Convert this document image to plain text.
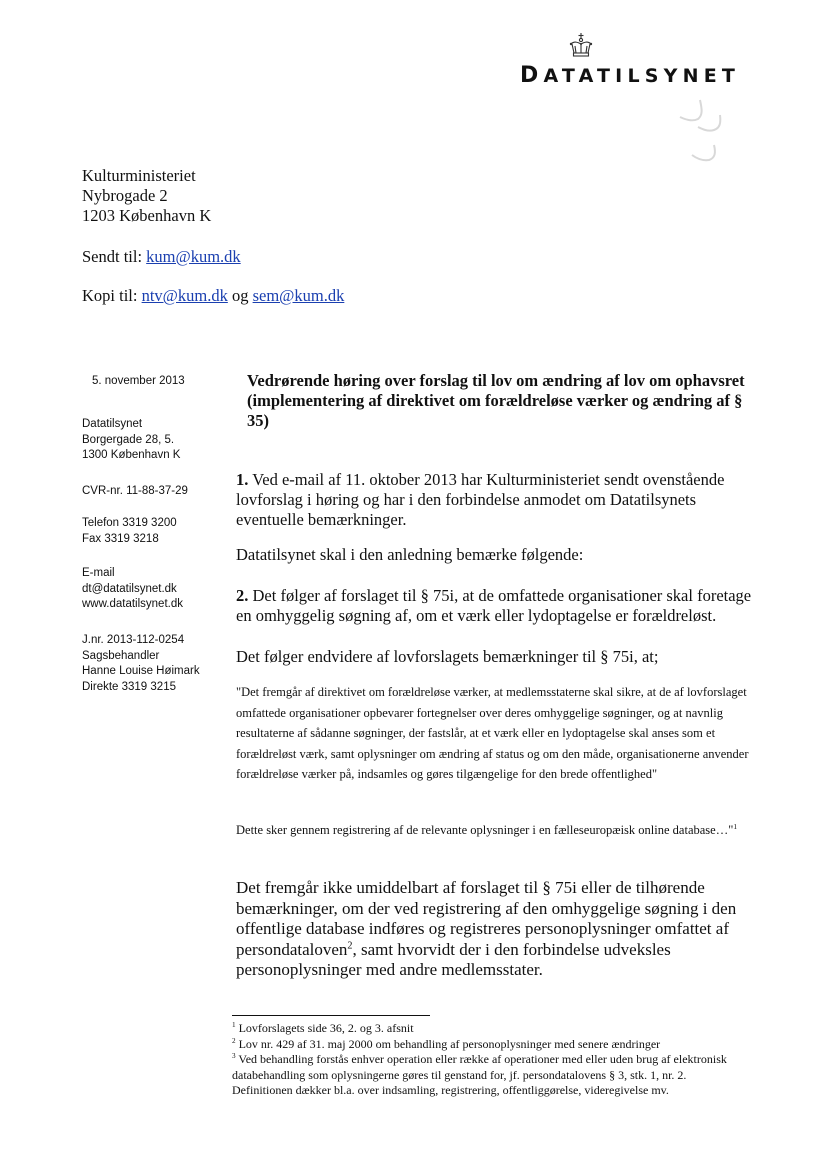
DATATILSYNET
Kulturministeriet
Nybrogade 2
1203 København K
Sendt til: kum@kum.dk
Kopi til: ntv@kum.dk og sem@kum.dk
5. november 2013

Datatilsynet

Borgergade 28, 5.

1300 København K

CVR-nr. 11-88-37-29

Telefon 3319 3200

Fax 3319 3218

E-mail

dt@datatilsynet.dk

www.datatilsynet.dk

J.nr. 2013-112-0254

Sagsbehandler

Hanne Louise Høimark

Direkte 3319 3215

Vedrørende høring over forslag til lov om ændring af lov om ophavsret (implementering af direktivet om forældreløse værker og ændring af § 35)

1. Ved e-mail af 11. oktober 2013 har Kulturministeriet sendt ovenstående lovforslag i høring og har i den forbindelse anmodet om Datatilsynets eventuelle bemærkninger.

Datatilsynet skal i den anledning bemærke følgende:

2. Det følger af forslaget til § 75i, at de omfattede organisationer skal foretage en omhyggelig søgning af, om et værk eller lydoptagelse er forældreløst.

Det følger endvidere af lovforslagets bemærkninger til § 75i, at;

"Det fremgår af direktivet om forældreløse værker, at medlemsstaterne skal sikre, at de af lovforslaget omfattede organisationer opbevarer fortegnelser over deres omhyggelige søgninger, og at navnlig resultaterne af sådanne søgninger, der fastslår, at et værk eller en lydoptagelse skal anses som et forældreløst værk, samt oplysninger om ændring af status og om den måde, organisationerne anvender forældreløse værker på, indsamles og gøres tilgængelige for den brede offentlighed"

Dette sker gennem registrering af de relevante oplysninger i en fælleseuropæisk online database…"$^1$

Det fremgår ikke umiddelbart af forslaget til § 75i eller de tilhørende bemærkninger, om der ved registrering af den omhyggelige søgning i den offentlige database indføres og registreres personoplysninger omfattet af persondataloven$^2$, samt hvorvidt der i den forbindelse udveksles personoplysninger med andre medlemsstater.

$^1$ Lovforslagets side 36, 2. og 3. afsnit

$^2$ Lov nr. 429 af 31. maj 2000 om behandling af personoplysninger med senere ændringer

$^3$ Ved behandling forstås enhver operation eller række af operationer med eller uden brug af elektronisk databehandling som oplysningerne gøres til genstand for, jf. persondatalovens § 3, stk. 1, nr. 2. Definitionen dækker bl.a. over indsamling, registrering, offentliggørelse, videregivelse mv.
